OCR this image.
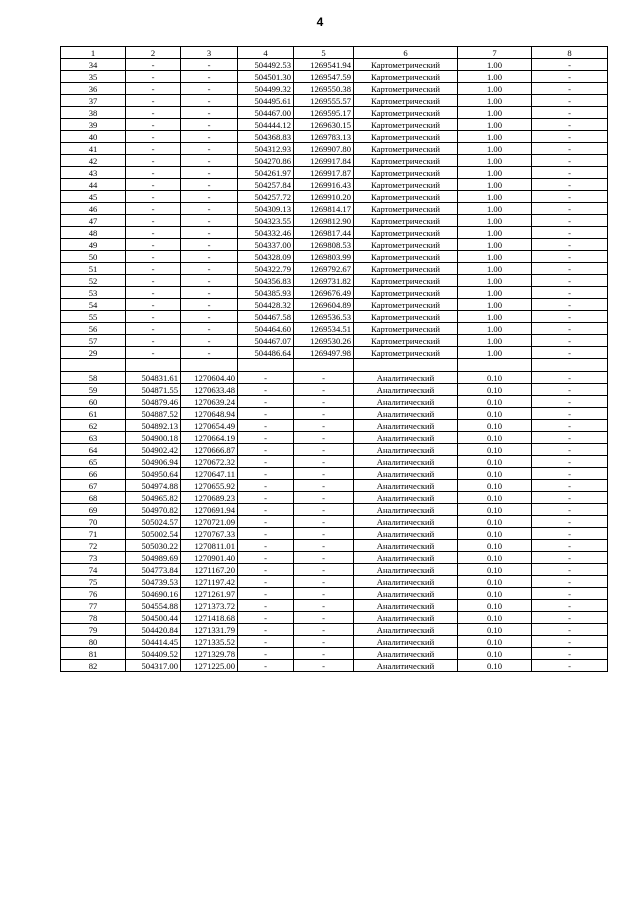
4
1	2	3	4	5	6	7	8
34	-	-	504492.53	1269541.94	Картометрический	1.00	-
35	-	-	504501.30	1269547.59	Картометрический	1.00	-
36	-	-	504499.32	1269550.38	Картометрический	1.00	-
37	-	-	504495.61	1269555.57	Картометрический	1.00	-
38	-	-	504467.00	1269595.17	Картометрический	1.00	-
39	-	-	504444.12	1269630.15	Картометрический	1.00	-
40	-	-	504368.83	1269783.13	Картометрический	1.00	-
41	-	-	504312.93	1269907.80	Картометрический	1.00	-
42	-	-	504270.86	1269917.84	Картометрический	1.00	-
43	-	-	504261.97	1269917.87	Картометрический	1.00	-
44	-	-	504257.84	1269916.43	Картометрический	1.00	-
45	-	-	504257.72	1269910.20	Картометрический	1.00	-
46	-	-	504309.13	1269814.17	Картометрический	1.00	-
47	-	-	504323.55	1269812.90	Картометрический	1.00	-
48	-	-	504332.46	1269817.44	Картометрический	1.00	-
49	-	-	504337.00	1269808.53	Картометрический	1.00	-
50	-	-	504328.09	1269803.99	Картометрический	1.00	-
51	-	-	504322.79	1269792.67	Картометрический	1.00	-
52	-	-	504356.83	1269731.82	Картометрический	1.00	-
53	-	-	504385.93	1269676.49	Картометрический	1.00	-
54	-	-	504428.32	1269604.89	Картометрический	1.00	-
55	-	-	504467.58	1269536.53	Картометрический	1.00	-
56	-	-	504464.60	1269534.51	Картометрический	1.00	-
57	-	-	504467.07	1269530.26	Картометрический	1.00	-
29	-	-	504486.64	1269497.98	Картометрический	1.00	-

58	504831.61	1270604.40	-	-	Аналитический	0.10	-
59	504871.55	1270633.48	-	-	Аналитический	0.10	-
60	504879.46	1270639.24	-	-	Аналитический	0.10	-
61	504887.52	1270648.94	-	-	Аналитический	0.10	-
62	504892.13	1270654.49	-	-	Аналитический	0.10	-
63	504900.18	1270664.19	-	-	Аналитический	0.10	-
64	504902.42	1270666.87	-	-	Аналитический	0.10	-
65	504906.94	1270672.32	-	-	Аналитический	0.10	-
66	504950.64	1270647.11	-	-	Аналитический	0.10	-
67	504974.88	1270655.92	-	-	Аналитический	0.10	-
68	504965.82	1270689.23	-	-	Аналитический	0.10	-
69	504970.82	1270691.94	-	-	Аналитический	0.10	-
70	505024.57	1270721.09	-	-	Аналитический	0.10	-
71	505002.54	1270767.33	-	-	Аналитический	0.10	-
72	505030.22	1270811.01	-	-	Аналитический	0.10	-
73	504989.69	1270901.40	-	-	Аналитический	0.10	-
74	504773.84	1271167.20	-	-	Аналитический	0.10	-
75	504739.53	1271197.42	-	-	Аналитический	0.10	-
76	504690.16	1271261.97	-	-	Аналитический	0.10	-
77	504554.88	1271373.72	-	-	Аналитический	0.10	-
78	504500.44	1271418.68	-	-	Аналитический	0.10	-
79	504420.84	1271331.79	-	-	Аналитический	0.10	-
80	504414.45	1271335.52	-	-	Аналитический	0.10	-
81	504409.52	1271329.78	-	-	Аналитический	0.10	-
82	504317.00	1271225.00	-	-	Аналитический	0.10	-
